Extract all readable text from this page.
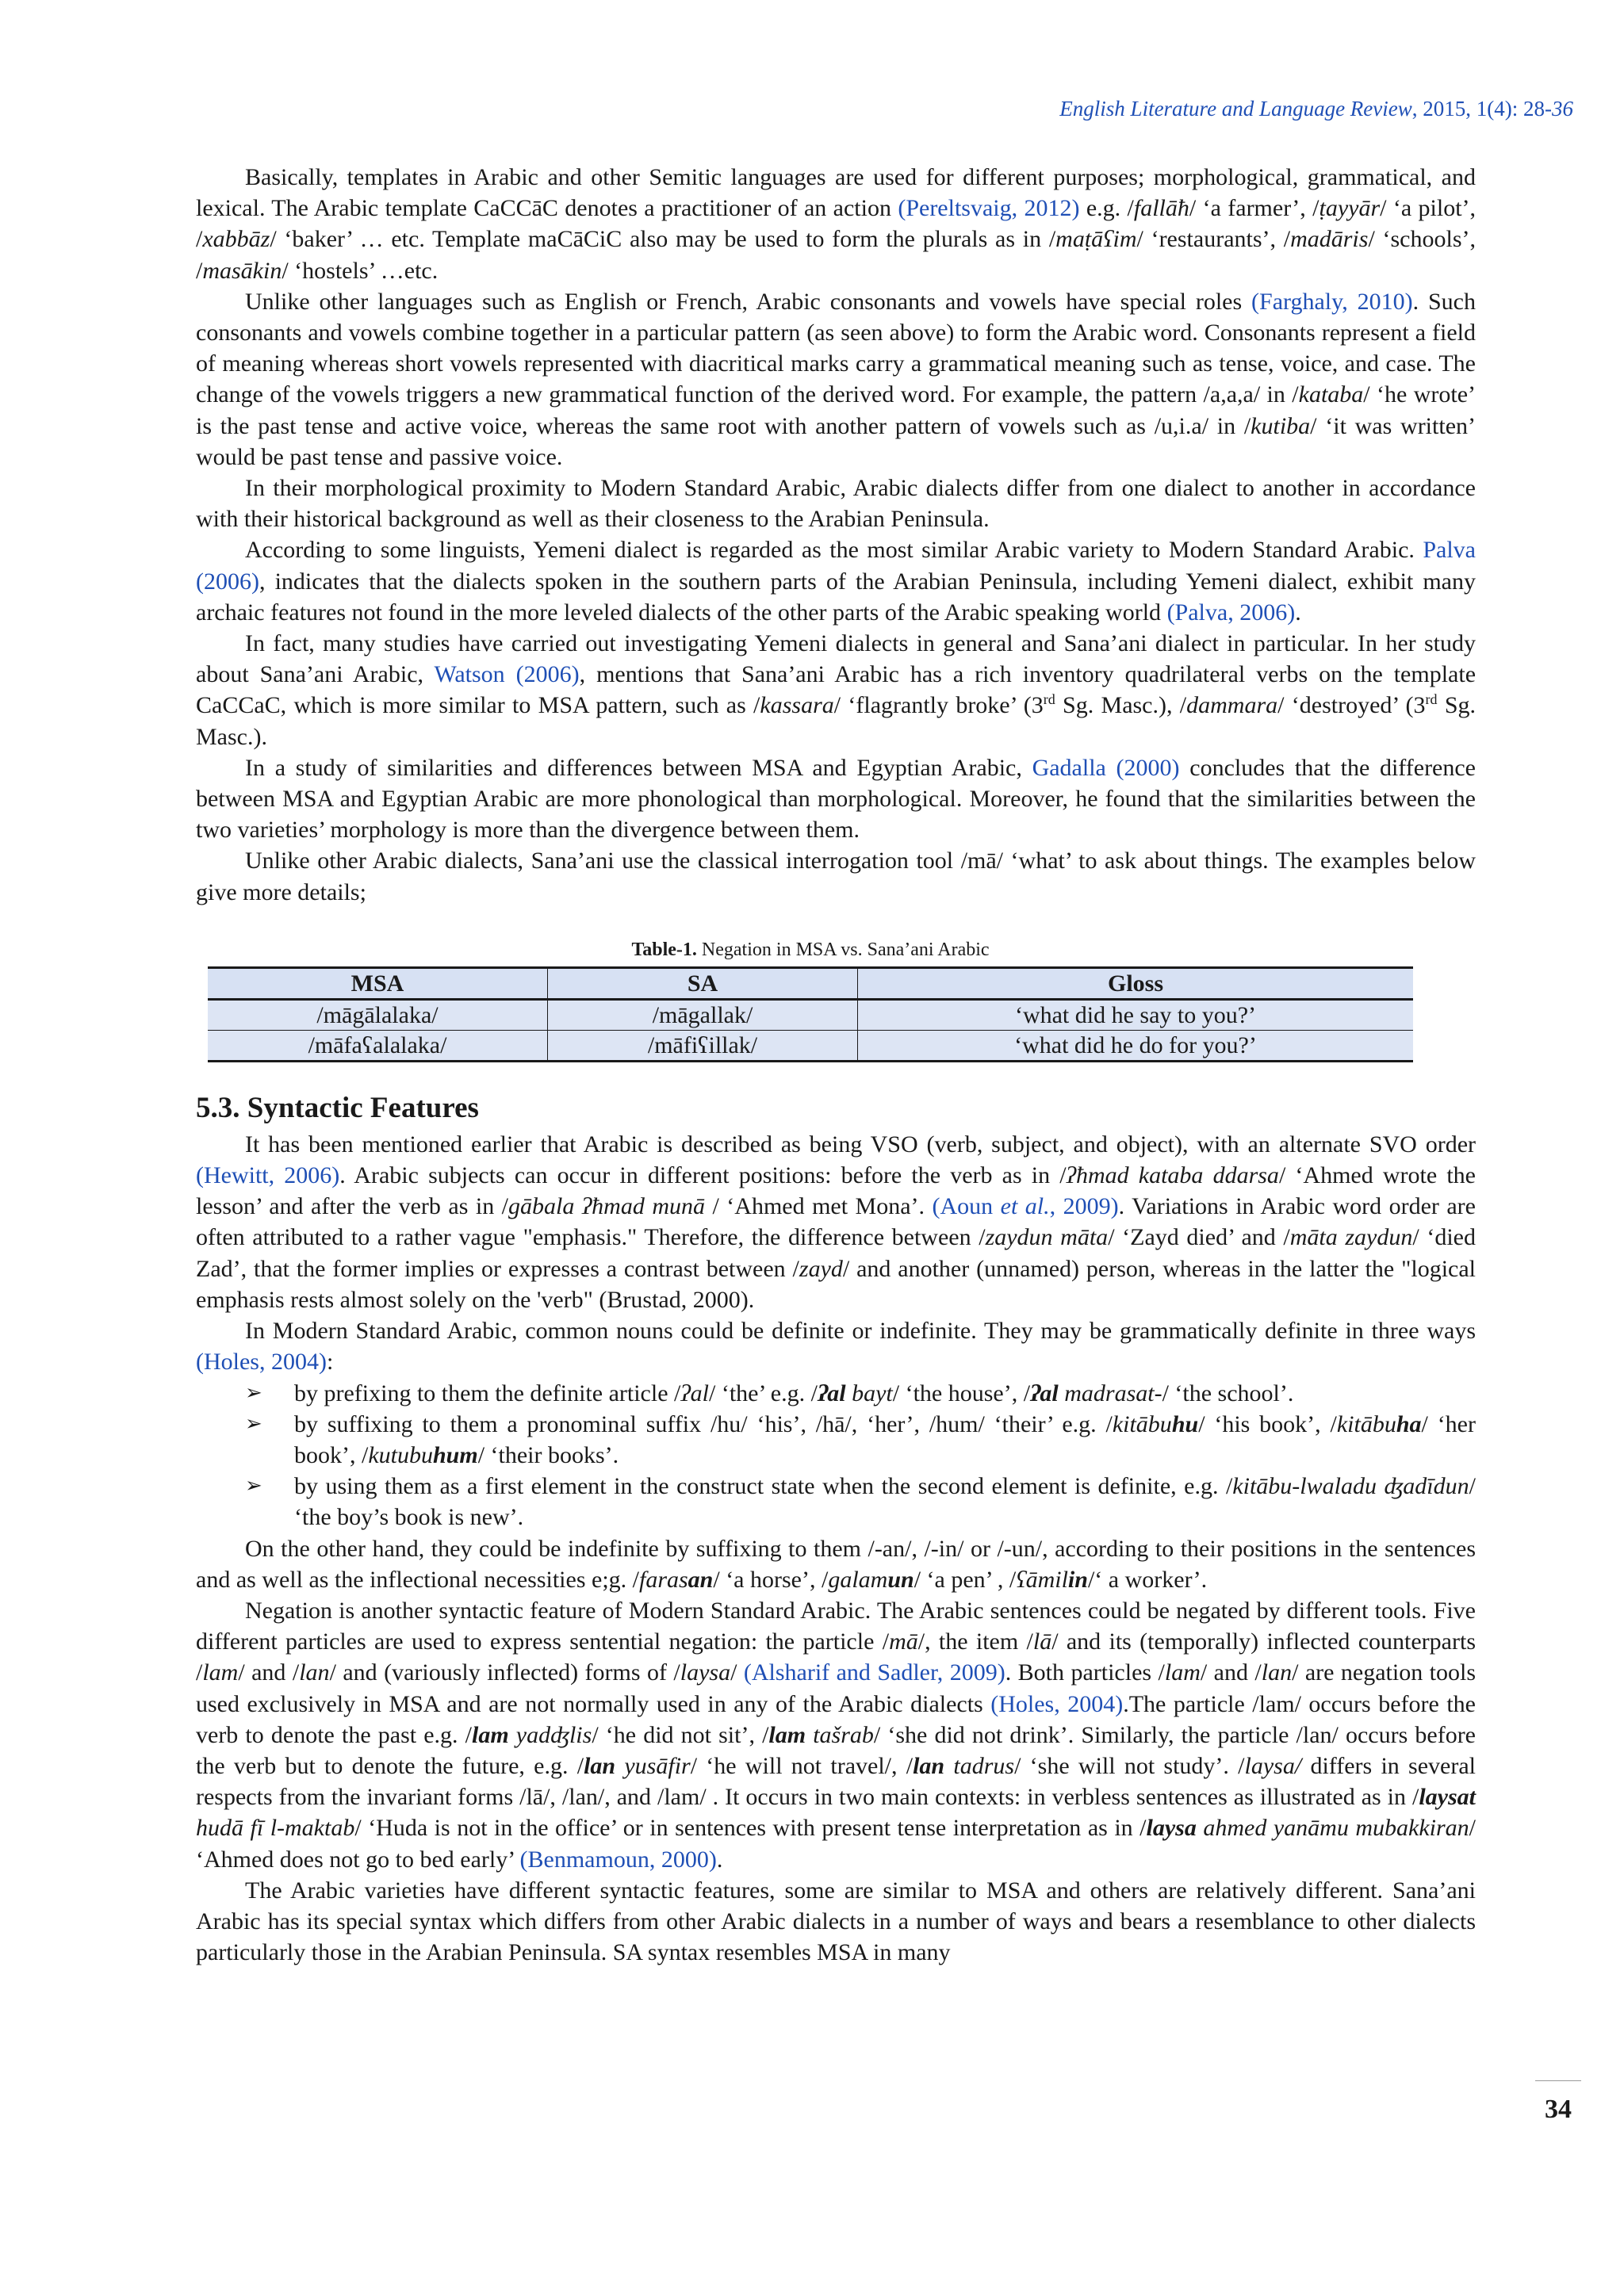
English Literature and Language Review, 2015, 1(4): 28-36

Basically, templates in Arabic and other Semitic languages are used for different purposes; morphological, grammatical, and lexical. The Arabic template CaCCāC denotes a practitioner of an action (Pereltsvaig, 2012) e.g. /fallāħ/ ‘a farmer’, /ṭayyār/ ‘a pilot’, /xabbāz/ ‘baker’ … etc. Template maCāCiC also may be used to form the plurals as in /maṭāʕim/ ‘restaurants’, /madāris/ ‘schools’, /masākin/ ‘hostels’ …etc.

Unlike other languages such as English or French, Arabic consonants and vowels have special roles (Farghaly, 2010). Such consonants and vowels combine together in a particular pattern (as seen above) to form the Arabic word. Consonants represent a field of meaning whereas short vowels represented with diacritical marks carry a grammatical meaning such as tense, voice, and case. The change of the vowels triggers a new grammatical function of the derived word. For example, the pattern /a,a,a/ in /kataba/ ‘he wrote’ is the past tense and active voice, whereas the same root with another pattern of vowels such as /u,i.a/ in /kutiba/ ‘it was written’ would be past tense and passive voice.

In their morphological proximity to Modern Standard Arabic, Arabic dialects differ from one dialect to another in accordance with their historical background as well as their closeness to the Arabian Peninsula.

According to some linguists, Yemeni dialect is regarded as the most similar Arabic variety to Modern Standard Arabic. Palva (2006), indicates that the dialects spoken in the southern parts of the Arabian Peninsula, including Yemeni dialect, exhibit many archaic features not found in the more leveled dialects of the other parts of the Arabic speaking world (Palva, 2006).

In fact, many studies have carried out investigating Yemeni dialects in general and Sana’ani dialect in particular. In her study about Sana’ani Arabic, Watson (2006), mentions that Sana’ani Arabic has a rich inventory quadrilateral verbs on the template CaCCaC, which is more similar to MSA pattern, such as /kassara/ ‘flagrantly broke’ (3rd Sg. Masc.), /dammara/ ‘destroyed’ (3rd Sg. Masc.).

In a study of similarities and differences between MSA and Egyptian Arabic, Gadalla (2000) concludes that the difference between MSA and Egyptian Arabic are more phonological than morphological. Moreover, he found that the similarities between the two varieties’ morphology is more than the divergence between them.

Unlike other Arabic dialects, Sana’ani use the classical interrogation tool /mā/ ‘what’ to ask about things. The examples below give more details;

Table-1. Negation in MSA vs. Sana’ani Arabic
MSA	SA	Gloss
/māgālalaka/	/māgallak/	‘what did he say to you?’
/māfaʕalalaka/	/māfiʕillak/	‘what did he do for you?’
5.3. Syntactic Features

It has been mentioned earlier that Arabic is described as being VSO (verb, subject, and object), with an alternate SVO order (Hewitt, 2006). Arabic subjects can occur in different positions: before the verb as in /ʔħmad kataba ddarsa/ ‘Ahmed wrote the lesson’ and after the verb as in /gābala ʔħmad munā / ‘Ahmed met Mona’. (Aoun et al., 2009). Variations in Arabic word order are often attributed to a rather vague "emphasis." Therefore, the difference between /zaydun māta/ ‘Zayd died’ and /māta zaydun/ ‘died Zad’, that the former implies or expresses a contrast between /zayd/ and another (unnamed) person, whereas in the latter the "logical emphasis rests almost solely on the 'verb" (Brustad, 2000).

In Modern Standard Arabic, common nouns could be definite or indefinite. They may be grammatically definite in three ways (Holes, 2004):

➢ by prefixing to them the definite article /ʔal/ ‘the’ e.g. /ʔal bayt/ ‘the house’, /ʔal madrasat-/ ‘the school’.
➢ by suffixing to them a pronominal suffix /hu/ ‘his’, /hā/, ‘her’, /hum/ ‘their’ e.g. /kitābuhu/ ‘his book’, /kitābuha/ ‘her book’, /kutubuhum/ ‘their books’.
➢ by using them as a first element in the construct state when the second element is definite, e.g. /kitābu-lwaladu ʤadīdun/ ‘the boy’s book is new’.

On the other hand, they could be indefinite by suffixing to them /-an/, /-in/ or /-un/, according to their positions in the sentences and as well as the inflectional necessities e;g. /farasan/ ‘a horse’, /galamun/ ‘a pen’ , /ʕāmilin/‘ a worker’.

Negation is another syntactic feature of Modern Standard Arabic. The Arabic sentences could be negated by different tools. Five different particles are used to express sentential negation: the particle /mā/, the item /lā/ and its (temporally) inflected counterparts /lam/ and /lan/ and (variously inflected) forms of /laysa/ (Alsharif and Sadler, 2009). Both particles /lam/ and /lan/ are negation tools used exclusively in MSA and are not normally used in any of the Arabic dialects (Holes, 2004).The particle /lam/ occurs before the verb to denote the past e.g. /lam yadʤlis/ ‘he did not sit’, /lam tašrab/ ‘she did not drink’. Similarly, the particle /lan/ occurs before the verb but to denote the future, e.g. /lan yusāfir/ ‘he will not travel/, /lan tadrus/ ‘she will not study’. /laysa/ differs in several respects from the invariant forms /lā/, /lan/, and /lam/ . It occurs in two main contexts: in verbless sentences as illustrated as in /laysat hudā fī l-maktab/ ‘Huda is not in the office’ or in sentences with present tense interpretation as in /laysa ahmed yanāmu mubakkiran/ ‘Ahmed does not go to bed early’ (Benmamoun, 2000).

The Arabic varieties have different syntactic features, some are similar to MSA and others are relatively different. Sana’ani Arabic has its special syntax which differs from other Arabic dialects in a number of ways and bears a resemblance to other dialects particularly those in the Arabian Peninsula. SA syntax resembles MSA in many

34
